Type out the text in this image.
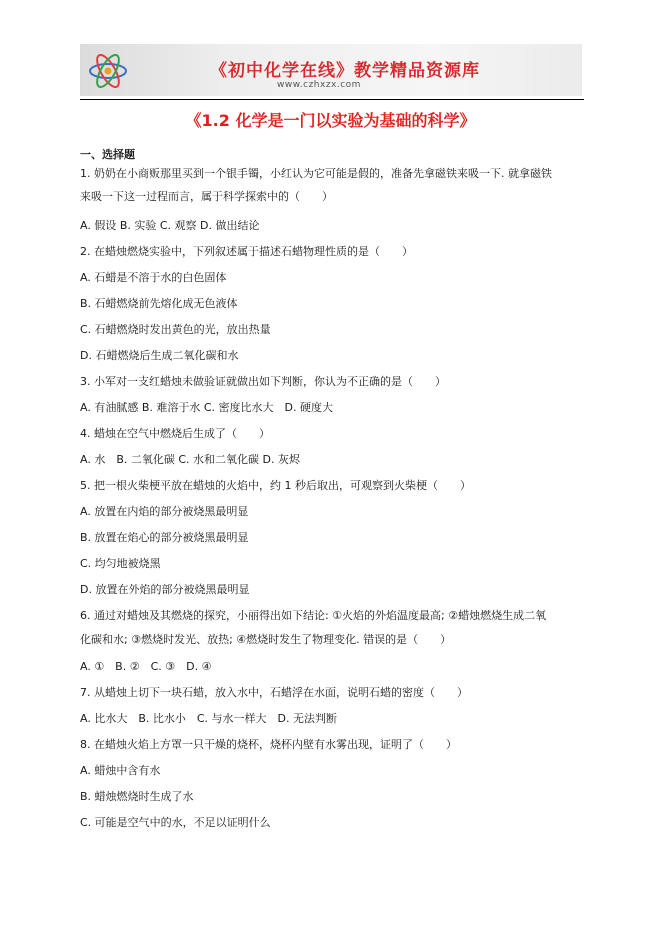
《初中化学在线》教学精品资源库
www.czhxzx.com
《1.2 化学是一门以实验为基础的科学》
一、选择题
1. 奶奶在小商贩那里买到一个银手镯，小红认为它可能是假的，准备先拿磁铁来吸一下. 就拿磁铁
来吸一下这一过程而言，属于科学探索中的（　　）
A. 假设 B. 实验 C. 观察 D. 做出结论
2. 在蜡烛燃烧实验中，下列叙述属于描述石蜡物理性质的是（　　）
A. 石蜡是不溶于水的白色固体
B. 石蜡燃烧前先熔化成无色液体
C. 石蜡燃烧时发出黄色的光，放出热量
D. 石蜡燃烧后生成二氧化碳和水
3. 小军对一支红蜡烛未做验证就做出如下判断，你认为不正确的是（　　）
A. 有油腻感 B. 难溶于水 C. 密度比水大　D. 硬度大
4. 蜡烛在空气中燃烧后生成了（　　）
A. 水　B. 二氧化碳 C. 水和二氧化碳 D. 灰烬
5. 把一根火柴梗平放在蜡烛的火焰中，约 1 秒后取出，可观察到火柴梗（　　）
A. 放置在内焰的部分被烧黑最明显
B. 放置在焰心的部分被烧黑最明显
C. 均匀地被烧黑
D. 放置在外焰的部分被烧黑最明显
6. 通过对蜡烛及其燃烧的探究，小丽得出如下结论: ①火焰的外焰温度最高; ②蜡烛燃烧生成二氧
化碳和水; ③燃烧时发光、放热; ④燃烧时发生了物理变化. 错误的是（　　）
A. ①　B. ②　C. ③　D. ④
7. 从蜡烛上切下一块石蜡，放入水中，石蜡浮在水面，说明石蜡的密度（　　）
A. 比水大　B. 比水小　C. 与水一样大　D. 无法判断
8. 在蜡烛火焰上方罩一只干燥的烧杯，烧杯内壁有水雾出现，证明了（　　）
A. 蜡烛中含有水
B. 蜡烛燃烧时生成了水
C. 可能是空气中的水，不足以证明什么
